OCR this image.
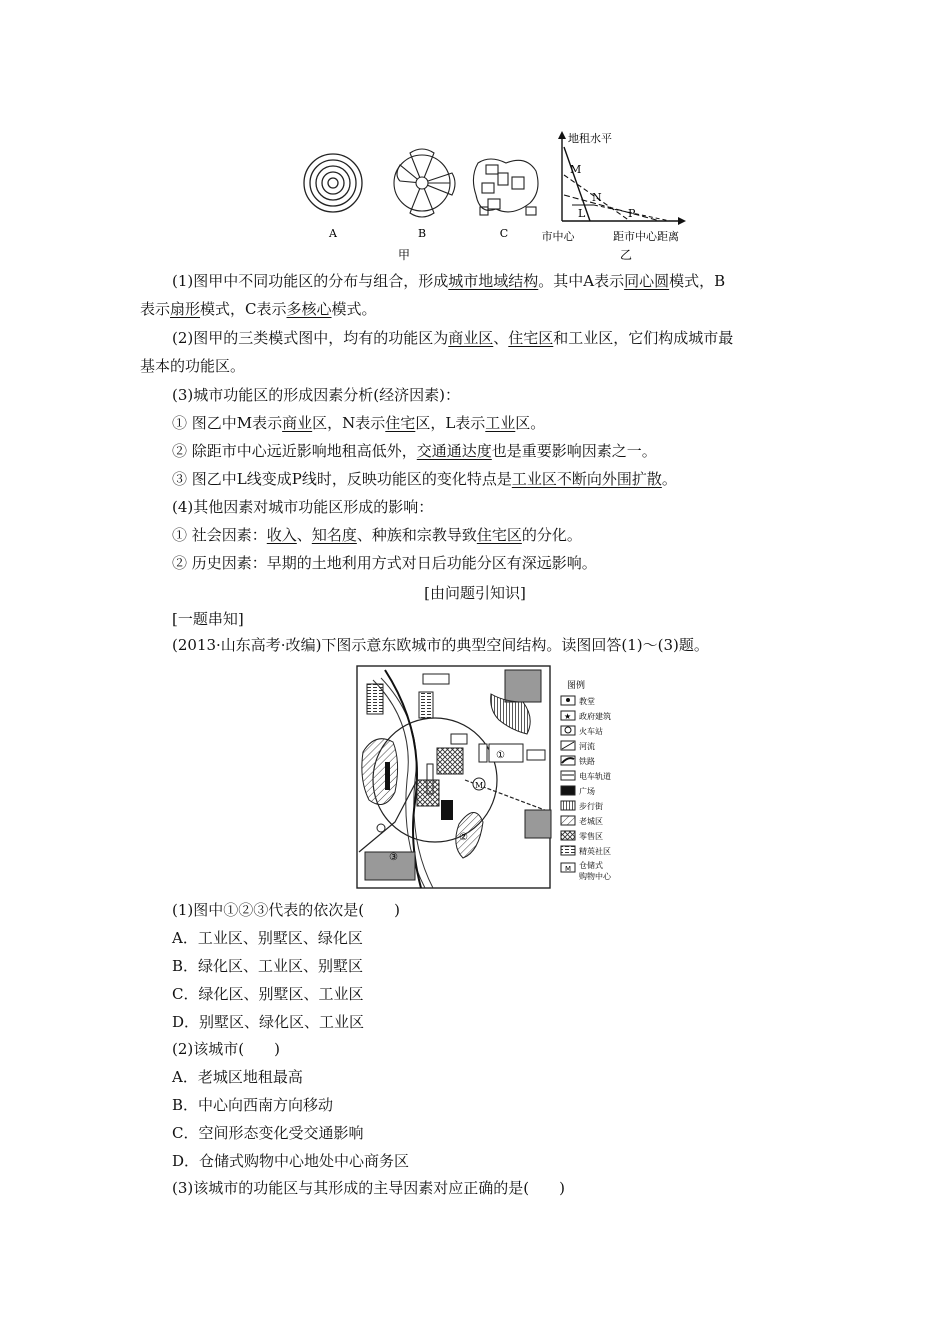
A	B	C
甲
地租水平
M
N
L	P
市中心	距市中心距离
乙
(1)图甲中不同功能区的分布与组合，形成城市地域结构。其中A表示同心圆模式，B
表示扇形模式，C表示多核心模式。
(2)图甲的三类模式图中，均有的功能区为商业区、住宅区和工业区，它们构成城市最
基本的功能区。
(3)城市功能区的形成因素分析(经济因素)：
① 图乙中M表示商业区，N表示住宅区，L表示工业区。
② 除距市中心远近影响地租高低外，交通通达度也是重要影响因素之一。
③ 图乙中L线变成P线时，反映功能区的变化特点是工业区不断向外围扩散。
(4)其他因素对城市功能区形成的影响：
① 社会因素：收入、知名度、种族和宗教导致住宅区的分化。
② 历史因素：早期的土地利用方式对日后功能分区有深远影响。
[由问题引知识]
[一题串知]
(2013·山东高考·改编)下图示意东欧城市的典型空间结构。读图回答(1)～(3)题。
①
③
②
M
图例
教堂
★ 政府建筑
火车站
河流
铁路
电车轨道
广场
步行街
老城区
零售区
精英社区
M 仓储式
购物中心
(1)图中①②③代表的依次是(　　)
A．工业区、别墅区、绿化区
B．绿化区、工业区、别墅区
C．绿化区、别墅区、工业区
D．别墅区、绿化区、工业区
(2)该城市(　　)
A．老城区地租最高
B．中心向西南方向移动
C．空间形态变化受交通影响
D．仓储式购物中心地处中心商务区
(3)该城市的功能区与其形成的主导因素对应正确的是(　　)
